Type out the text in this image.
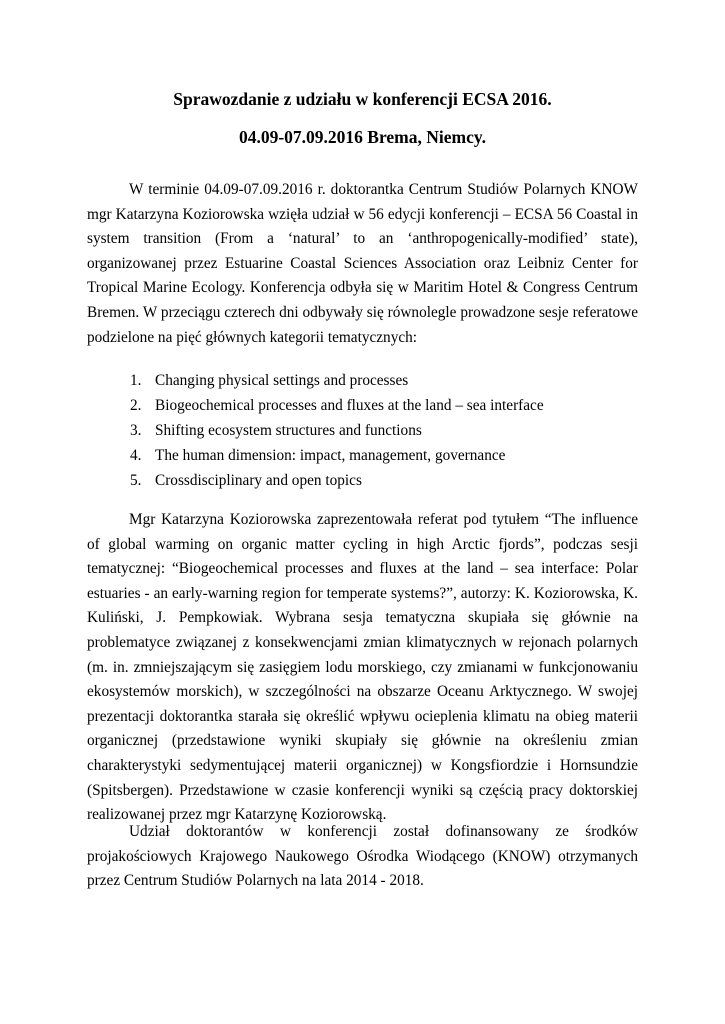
Sprawozdanie z udziału w konferencji ECSA 2016.
04.09-07.09.2016 Brema, Niemcy.

W terminie 04.09-07.09.2016 r. doktorantka Centrum Studiów Polarnych KNOW mgr Katarzyna Koziorowska wzięła udział w 56 edycji konferencji – ECSA 56 Coastal in system transition (From a ‘natural’ to an ‘anthropogenically-modified’ state), organizowanej przez Estuarine Coastal Sciences Association oraz Leibniz Center for Tropical Marine Ecology. Konferencja odbyła się w Maritim Hotel & Congress Centrum Bremen. W przeciągu czterech dni odbywały się równolegle prowadzone sesje referatowe podzielone na pięć głównych kategorii tematycznych:

1. Changing physical settings and processes
2. Biogeochemical processes and fluxes at the land – sea interface
3. Shifting ecosystem structures and functions
4. The human dimension: impact, management, governance
5. Crossdisciplinary and open topics

Mgr Katarzyna Koziorowska zaprezentowała referat pod tytułem “The influence of global warming on organic matter cycling in high Arctic fjords”, podczas sesji tematycznej: “Biogeochemical processes and fluxes at the land – sea interface: Polar estuaries - an early-warning region for temperate systems?”, autorzy: K. Koziorowska, K. Kuliński, J. Pempkowiak. Wybrana sesja tematyczna skupiała się głównie na problematyce związanej z konsekwencjami zmian klimatycznych w rejonach polarnych (m. in. zmniejszającym się zasięgiem lodu morskiego, czy zmianami w funkcjonowaniu ekosystemów morskich), w szczególności na obszarze Oceanu Arktycznego. W swojej prezentacji doktorantka starała się określić wpływu ocieplenia klimatu na obieg materii organicznej (przedstawione wyniki skupiały się głównie na określeniu zmian charakterystyki sedymentującej materii organicznej) w Kongsfiordzie i Hornsundzie (Spitsbergen). Przedstawione w czasie konferencji wyniki są częścią pracy doktorskiej realizowanej przez mgr Katarzynę Koziorowską.

Udział doktorantów w konferencji został dofinansowany ze środków projakościowych Krajowego Naukowego Ośrodka Wiodącego (KNOW) otrzymanych przez Centrum Studiów Polarnych na lata 2014 - 2018.
